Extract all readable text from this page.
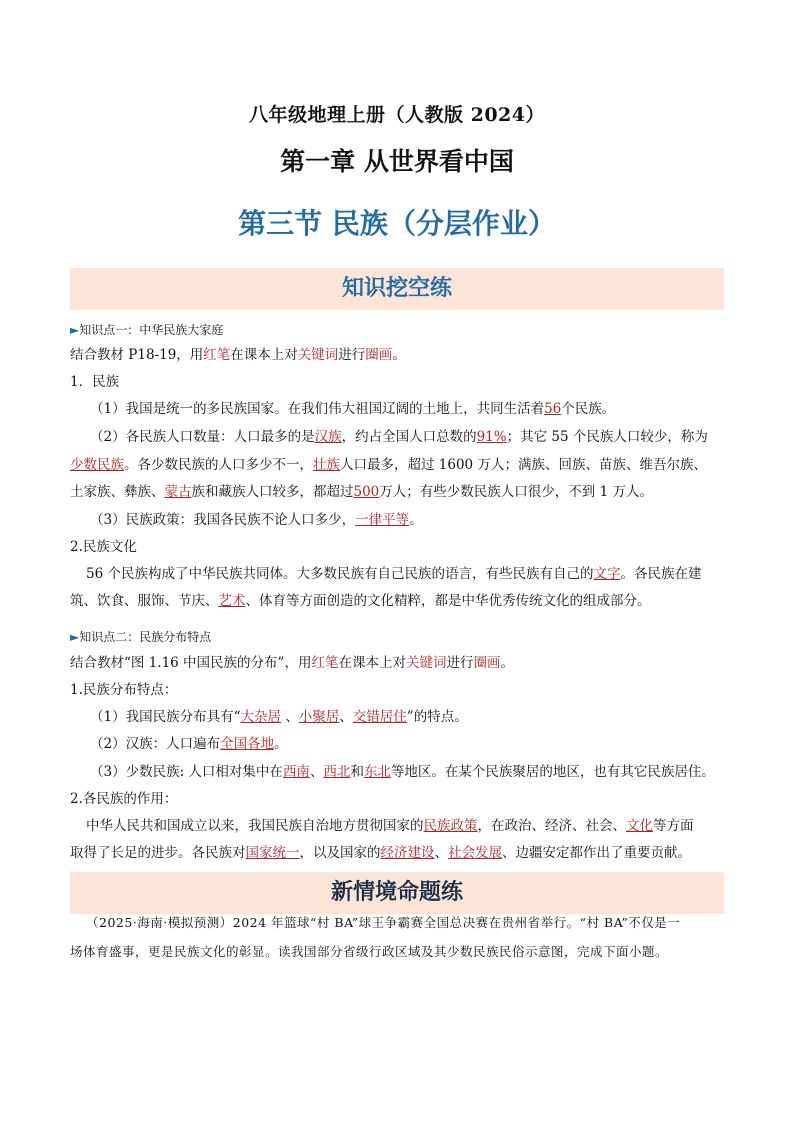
八年级地理上册（人教版 2024）
第一章 从世界看中国
第三节 民族（分层作业）
知识挖空练
►知识点一：中华民族大家庭
结合教材 P18-19，用红笔在课本上对关键词进行圈画。
1．民族
（1）我国是统一的多民族国家。在我们伟大祖国辽阔的土地上，共同生活着56个民族。
（2）各民族人口数量：人口最多的是汉族，约占全国人口总数的91%；其它 55 个民族人口较少，称为
少数民族。各少数民族的人口多少不一，壮族人口最多，超过 1600 万人；满族、回族、苗族、维吾尔族、
土家族、彝族、蒙古族和藏族人口较多，都超过500万人；有些少数民族人口很少，不到 1 万人。
（3）民族政策：我国各民族不论人口多少，一律平等。
2.民族文化
56 个民族构成了中华民族共同体。大多数民族有自己民族的语言，有些民族有自己的文字。各民族在建
筑、饮食、服饰、节庆、艺术、体育等方面创造的文化精粹，都是中华优秀传统文化的组成部分。
►知识点二：民族分布特点
结合教材“图 1.16 中国民族的分布”，用红笔在课本上对关键词进行圈画。
1.民族分布特点：
（1）我国民族分布具有“大杂居 、小聚居、交错居住”的特点。
（2）汉族：人口遍布全国各地。
（3）少数民族: 人口相对集中在西南、西北和东北等地区。在某个民族聚居的地区，也有其它民族居住。
2.各民族的作用：
中华人民共和国成立以来，我国民族自治地方贯彻国家的民族政策，在政治、经济、社会、文化等方面
取得了长足的进步。各民族对国家统一，以及国家的经济建设、社会发展、边疆安定都作出了重要贡献。
新情境命题练
（2025·海南·模拟预测）2024 年篮球“村 BA”球王争霸赛全国总决赛在贵州省举行。“村 BA”不仅是一
场体育盛事，更是民族文化的彰显。读我国部分省级行政区域及其少数民族民俗示意图，完成下面小题。
